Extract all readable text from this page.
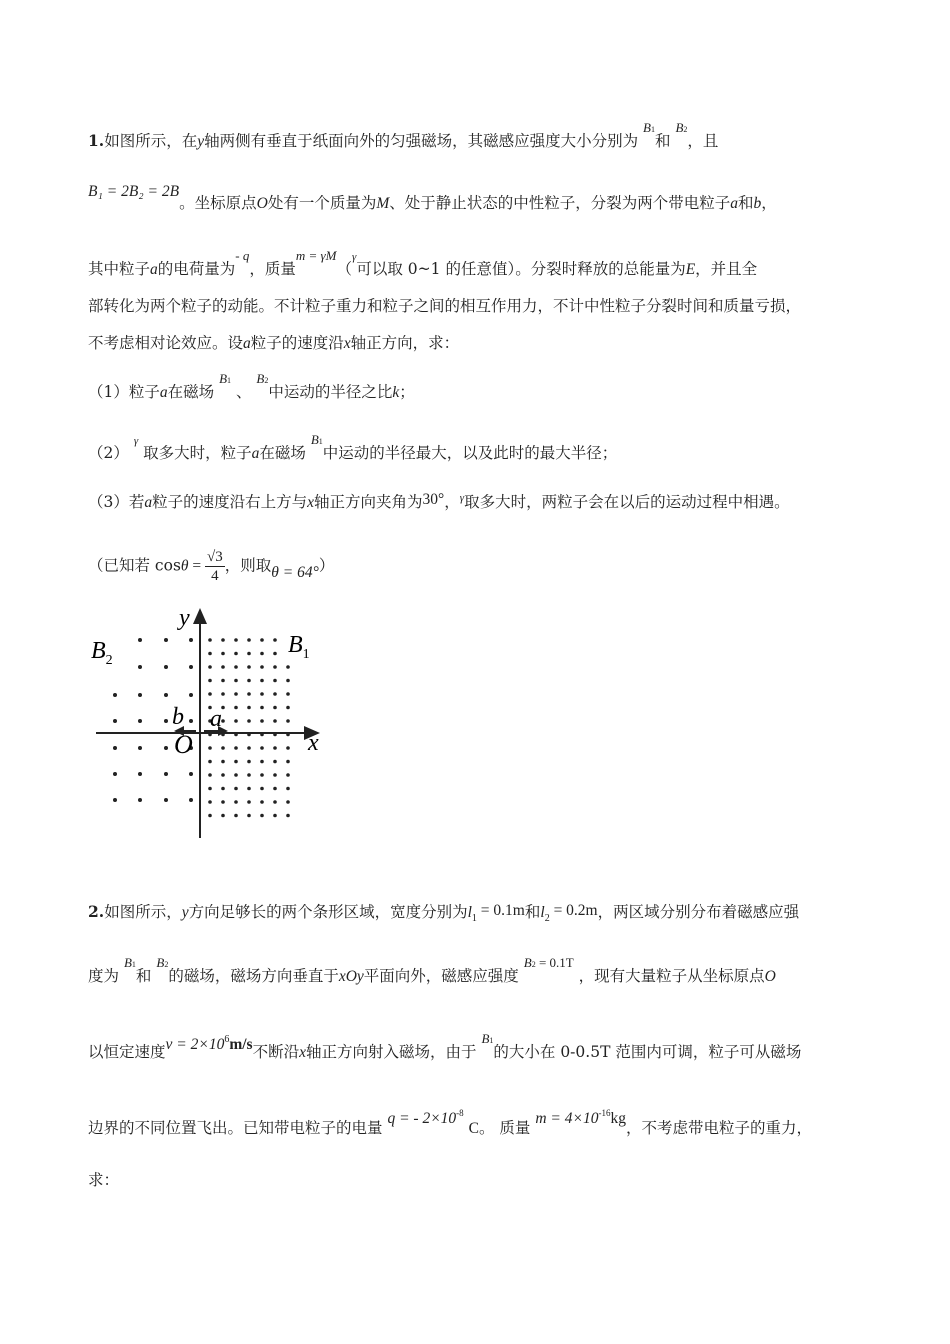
1.如图所示，在y轴两侧有垂直于纸面向外的匀强磁场，其磁感应强度大小分别为 $^{B1}$和 $^{B2}$，且
B₁ = 2B₂ = 2B。坐标原点O处有一个质量为M、处于静止状态的中性粒子，分裂为两个带电粒子a和b，
其中粒子a的电荷量为$^{- q}$，质量$^{m = \gamma M}$（$^\gamma$可以取 0~1 的任意值）。分裂时释放的总能量为E，并且全
部转化为两个粒子的动能。不计粒子重力和粒子之间的相互作用力，不计中性粒子分裂时间和质量亏损，
不考虑相对论效应。设a粒子的速度沿x轴正方向，求：
（1）粒子a在磁场 $^{B1}$ 、 $^{B2}$中运动的半径之比k；
（2） $^\gamma$ 取多大时，粒子a在磁场 $^{B1}$中运动的半径最大，以及此时的最大半径；
（3）若a粒子的速度沿右上方与x轴正方向夹角为30°，$^\gamma$取多大时，两粒子会在以后的运动过程中相遇。
（已知若 $\cos\theta = \frac{√3}{4}$ ，则取θ = 64°）
y
x
O
b a
$B_2$
$B_1$
2.如图所示，y方向足够长的两个条形区域，宽度分别为$l_1 = 0.1m$和$l_2 = 0.2m$，两区域分别分布着磁感应强
度为 $^{B1}$和 $^{B2}$的磁场，磁场方向垂直于xOy平面向外，磁感应强度 $^{B2 = 0.1T}$ ，现有大量粒子从坐标原点O
以恒定速度$v = 2\times 10^6m/s$不断沿x轴正方向射入磁场，由于 $^{B1}$的大小在 0-0.5T 范围内可调，粒子可从磁场
边界的不同位置飞出。已知带电粒子的电量 q = - $2\times 10^{-8}$ C。 质量 $m = 4\times 10^{-16}kg$，不考虑带电粒子的重力，
求：
